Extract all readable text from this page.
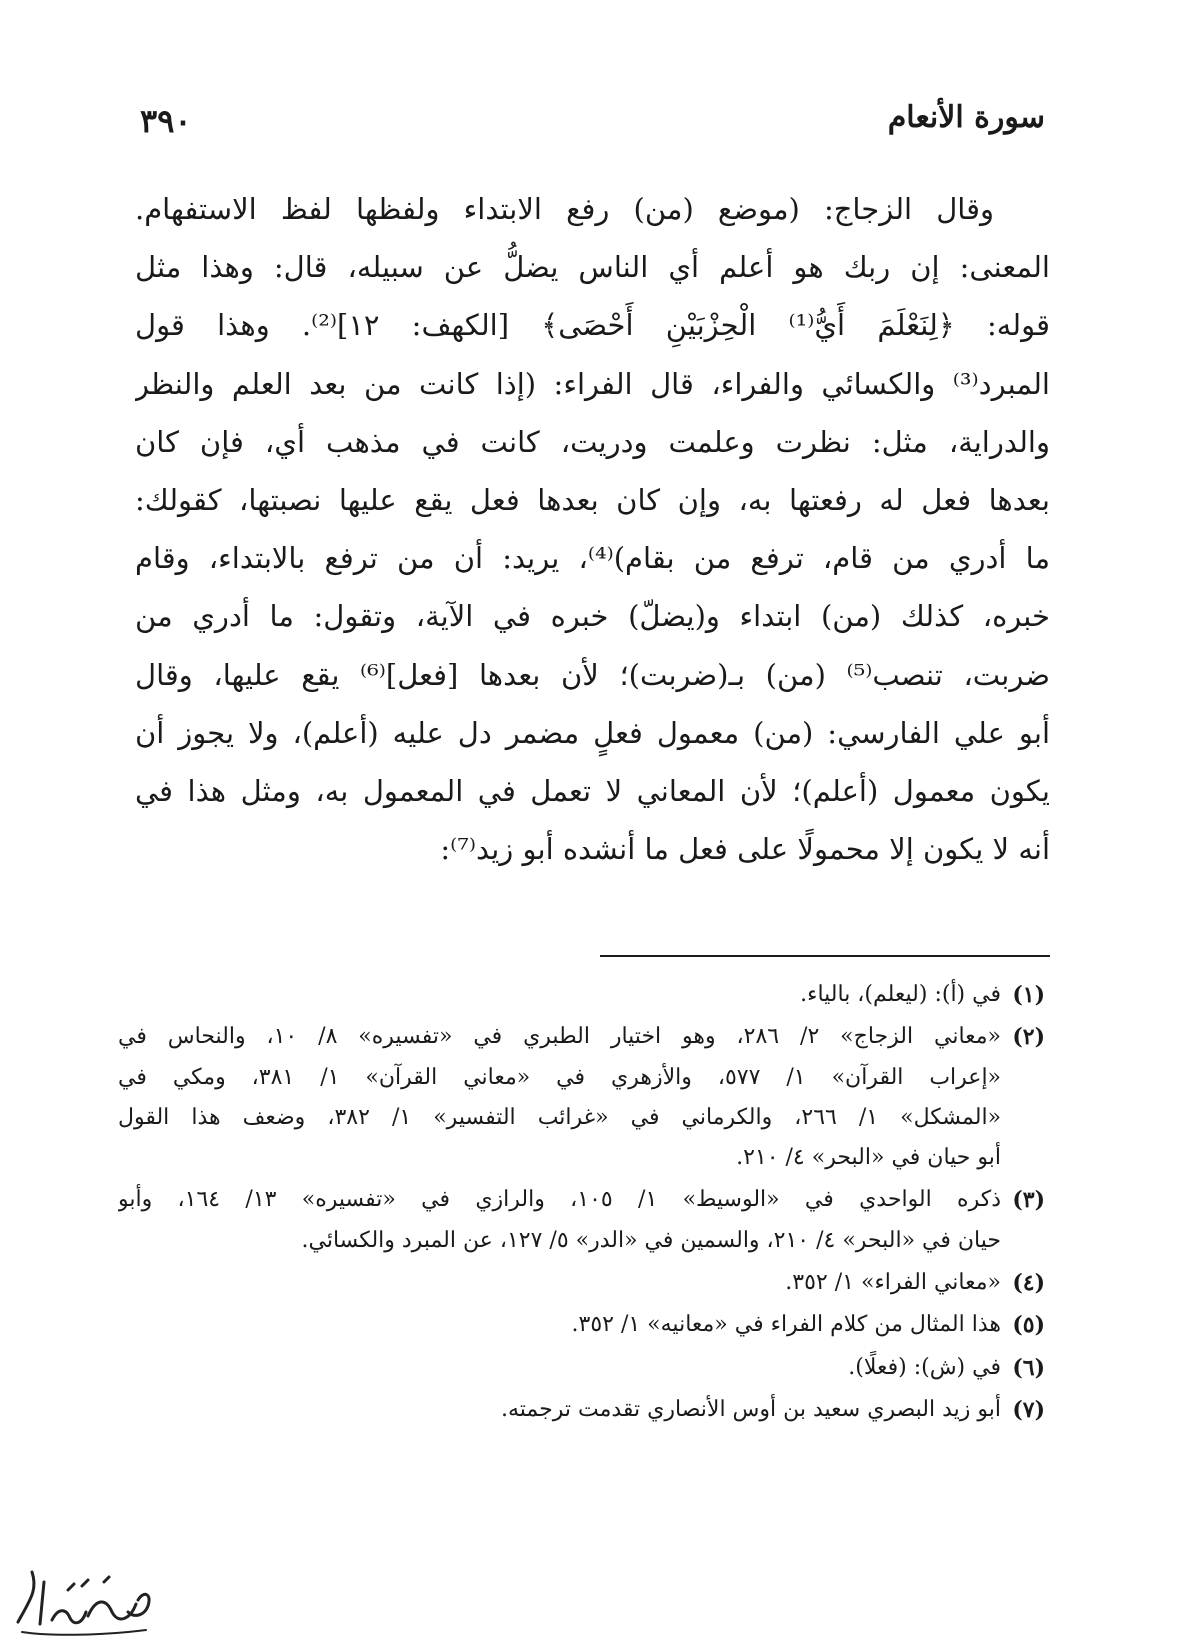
٣٩٠	سورة الأنعام
وقال الزجاج: (موضع (من) رفع الابتداء ولفظها لفظ الاستفهام.
المعنى: إن ربك هو أعلم أي الناس يضلُّ عن سبيله، قال: وهذا مثل
قوله: ﴿لِنَعْلَمَ أَيُّ⁽¹⁾ الْحِزْبَيْنِ أَحْصَى﴾ [الكهف: ١٢]⁽²⁾. وهذا قول
المبرد⁽³⁾ والكسائي والفراء، قال الفراء: (إذا كانت من بعد العلم والنظر
والدراية، مثل: نظرت وعلمت ودريت، كانت في مذهب أي، فإن كان
بعدها فعل له رفعتها به، وإن كان بعدها فعل يقع عليها نصبتها، كقولك:
ما أدري من قام، ترفع من بقام)⁽⁴⁾، يريد: أن من ترفع بالابتداء، وقام
خبره، كذلك (من) ابتداء و(يضلّ) خبره في الآية، وتقول: ما أدري من
ضربت، تنصب⁽⁵⁾ (من) بـ(ضربت)؛ لأن بعدها [فعل]⁽⁶⁾ يقع عليها، وقال
أبو علي الفارسي: (من) معمول فعلٍ مضمر دل عليه (أعلم)، ولا يجوز أن
يكون معمول (أعلم)؛ لأن المعاني لا تعمل في المعمول به، ومثل هذا في
أنه لا يكون إلا محمولًا على فعل ما أنشده أبو زيد⁽⁷⁾:
(١)
في (أ): (ليعلم)، بالياء.
(٢)
«معاني الزجاج» ٢/ ٢٨٦، وهو اختيار الطبري في «تفسيره» ٨/ ١٠، والنحاس في
«إعراب القرآن» ١/ ٥٧٧، والأزهري في «معاني القرآن» ١/ ٣٨١، ومكي في
«المشكل» ١/ ٢٦٦، والكرماني في «غرائب التفسير» ١/ ٣٨٢، وضعف هذا القول
أبو حيان في «البحر» ٤/ ٢١٠.
(٣)
ذكره الواحدي في «الوسيط» ١/ ١٠٥، والرازي في «تفسيره» ١٣/ ١٦٤، وأبو
حيان في «البحر» ٤/ ٢١٠، والسمين في «الدر» ٥/ ١٢٧، عن المبرد والكسائي.
(٤)
«معاني الفراء» ١/ ٣٥٢.
(٥)
هذا المثال من كلام الفراء في «معانيه» ١/ ٣٥٢.
(٦)
في (ش): (فعلًا).
(٧)
أبو زيد البصري سعيد بن أوس الأنصاري تقدمت ترجمته.
